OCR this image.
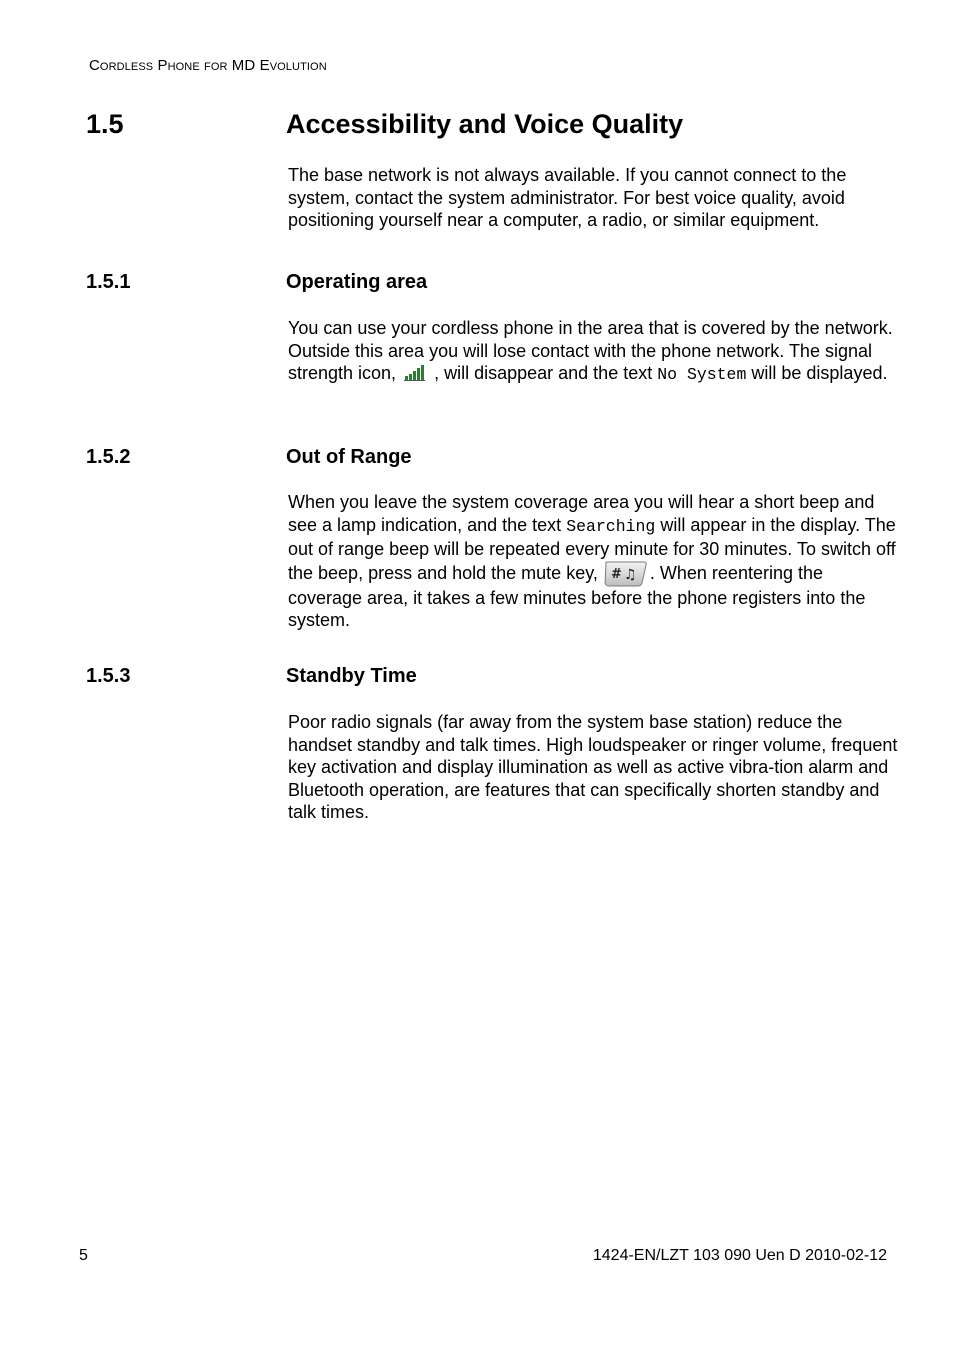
Cordless Phone for MD Evolution
1.5	Accessibility and Voice Quality

The base network is not always available. If you cannot connect to the system, contact the system administrator. For best voice quality, avoid positioning yourself near a computer, a radio, or similar equipment.

1.5.1	Operating area

You can use your cordless phone in the area that is covered by the network. Outside this area you will lose contact with the phone network. The signal strength icon, , will disappear and the text No System will be displayed.

1.5.2	Out of Range

When you leave the system coverage area you will hear a short beep and see a lamp indication, and the text Searching will appear in the display. The out of range beep will be repeated every minute for 30 minutes. To switch off the beep, press and hold the mute key, # ♫ . When reentering the coverage area, it takes a few minutes before the phone registers into the system.

1.5.3	Standby Time

Poor radio signals (far away from the system base station) reduce the handset standby and talk times. High loudspeaker or ringer volume, frequent key activation and display illumination as well as active vibra-tion alarm and Bluetooth operation, are features that can specifically shorten standby and talk times.

5	1424-EN/LZT 103 090 Uen D 2010-02-12
